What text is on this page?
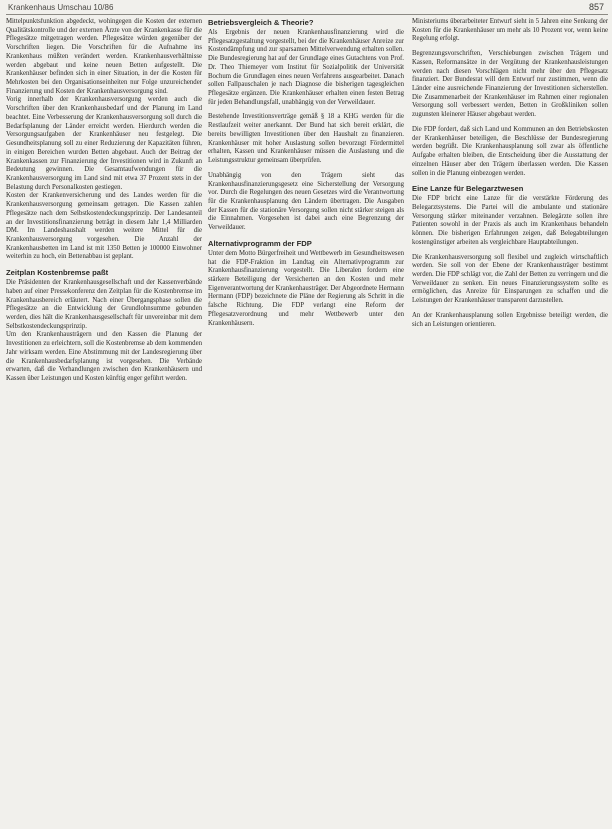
Krankenhaus Umschau 10/86	857

Mittelpunktsfunktion abgedeckt, wohingegen die Kosten der externen Qualitätskontrolle und der externen Ärzte von der Krankenkasse für die Pflegesätze mitgetragen werden. Pflegesätze würden gegenüber der Vorschriften liegen. Die Vorschriften für die Aufnahme ins Krankenhaus müßten verändert werden. Krankenhausverhältnisse werden abgebaut und keine neuen Betten aufgestellt. Die Krankenhäuser befinden sich in einer Situation, in der die Kosten für Mehrkosten bei den Organisationseinheiten nur Folge unzureichender Finanzierung und Kosten der Krankenhausversorgung sind.

Vorig innerhalb der Krankenhausversorgung werden auch die Vorschriften über den Krankenhausbedarf und der Planung im Land beachtet. Eine Verbesserung der Krankenhausversorgung soll durch die Bedarfsplanung der Länder erreicht werden. Hierdurch werden die Versorgungsaufgaben der Krankenhäuser neu festgelegt. Die Gesundheitsplanung soll zu einer Reduzierung der Kapazitäten führen, in einigen Bereichen wurden Betten abgebaut. Auch der Beitrag der Krankenkassen zur Finanzierung der Investitionen wird in Zukunft an Bedeutung gewinnen. Die Gesamtaufwendungen für die Krankenhausversorgung im Land sind mit etwa 37 Prozent stets in der Belastung durch Personalkosten gestiegen.

Kosten der Krankenversicherung und des Landes werden für die Krankenhausversorgung gemeinsam getragen. Die Kassen zahlen Pflegesätze nach dem Selbstkostendeckungsprinzip. Der Landesanteil an der Investitionsfinanzierung beträgt in diesem Jahr 1,4 Milliarden DM. Im Landeshaushalt werden weitere Mittel für die Krankenhausversorgung vorgesehen. Die Anzahl der Krankenhausbetten im Land ist mit 1350 Betten je 100000 Einwohner weiterhin zu hoch, ein Bettenabbau ist geplant.

Zeitplan Kostenbremse paßt

Die Präsidenten der Krankenhausgesellschaft und der Kassenverbände haben auf einer Pressekonferenz den Zeitplan für die Kostenbremse im Krankenhausbereich erläutert. Nach einer Übergangsphase sollen die Pflegesätze an die Entwicklung der Grundlohnsumme gebunden werden, dies hält die Krankenhausgesellschaft für unvereinbar mit dem Selbstkostendeckungsprinzip.

Um den Krankenhausträgern und den Kassen die Planung der Investitionen zu erleichtern, soll die Kostenbremse ab dem kommenden Jahr wirksam werden. Eine Abstimmung mit der Landesregierung über die Krankenhausbedarfsplanung ist vorgesehen. Die Verbände erwarten, daß die Verhandlungen zwischen den Krankenhäusern und Kassen über Leistungen und Kosten künftig enger geführt werden.

Betriebsvergleich & Theorie?

Als Ergebnis der neuen Krankenhausfinanzierung wird die Pflegesatzgestaltung vorgestellt, bei der die Krankenhäuser Anreize zur Kostendämpfung und zur sparsamen Mittelverwendung erhalten sollen. Die Bundesregierung hat auf der Grundlage eines Gutachtens von Prof. Dr. Theo Thiemeyer vom Institut für Sozialpolitik der Universität Bochum die Grundlagen eines neuen Verfahrens ausgearbeitet. Danach sollen Fallpauschalen je nach Diagnose die bisherigen tagesgleichen Pflegesätze ergänzen. Die Krankenhäuser erhalten einen festen Betrag für jeden Behandlungsfall, unabhängig von der Verweildauer.

Bestehende Investitionsverträge gemäß § 18 a KHG werden für die Restlaufzeit weiter anerkannt. Der Bund hat sich bereit erklärt, die bereits bewilligten Investitionen über den Haushalt zu finanzieren. Krankenhäuser mit hoher Auslastung sollen bevorzugt Fördermittel erhalten, Kassen und Krankenhäuser müssen die Auslastung und die Leistungsstruktur gemeinsam überprüfen.

Unabhängig von den Trägern sieht das Krankenhausfinanzierungsgesetz eine Sicherstellung der Versorgung vor. Durch die Regelungen des neuen Gesetzes wird die Verantwortung für die Krankenhausplanung den Ländern übertragen. Die Ausgaben der Kassen für die stationäre Versorgung sollen nicht stärker steigen als die Einnahmen. Vorgesehen ist dabei auch eine Begrenzung der Verweildauer.

Alternativprogramm der FDP

Unter dem Motto Bürgerfreiheit und Wettbewerb im Gesundheitswesen hat die FDP-Fraktion im Landtag ein Alternativprogramm zur Krankenhausfinanzierung vorgestellt. Die Liberalen fordern eine stärkere Beteiligung der Versicherten an den Kosten und mehr Eigenverantwortung der Krankenhausträger. Der Abgeordnete Hermann Hermann (FDP) bezeichnete die Pläne der Regierung als Schritt in die falsche Richtung. Die FDP verlangt eine Reform der Pflegesatzverordnung und mehr Wettbewerb unter den Krankenhäusern.

Ministeriums überarbeiteter Entwurf sieht in 5 Jahren eine Senkung der Kosten für die Krankenhäuser um mehr als 10 Prozent vor, wenn keine Regelung erfolgt.

Begrenzungsvorschriften, Verschiebungen zwischen Trägern und Kassen, Reformansätze in der Vergütung der Krankenhausleistungen werden nach diesen Vorschlägen nicht mehr über den Pflegesatz finanziert. Der Bundesrat will dem Entwurf nur zustimmen, wenn die Länder eine ausreichende Finanzierung der Investitionen sicherstellen. Die Zusammenarbeit der Krankenhäuser im Rahmen einer regionalen Versorgung soll verbessert werden, Betten in Großkliniken sollen zugunsten kleinerer Häuser abgebaut werden.

Die FDP fordert, daß sich Land und Kommunen an den Betriebskosten der Krankenhäuser beteiligen, die Beschlüsse der Bundesregierung werden begrüßt. Die Krankenhausplanung soll zwar als öffentliche Aufgabe erhalten bleiben, die Entscheidung über die Ausstattung der einzelnen Häuser aber den Trägern überlassen werden. Die Kassen sollen in die Planung einbezogen werden.

Eine Lanze für Belegarztwesen

Die FDP bricht eine Lanze für die verstärkte Förderung des Belegarztsystems. Die Partei will die ambulante und stationäre Versorgung stärker miteinander verzahnen. Belegärzte sollen ihre Patienten sowohl in der Praxis als auch im Krankenhaus behandeln können. Die bisherigen Erfahrungen zeigen, daß Belegabteilungen kostengünstiger arbeiten als vergleichbare Hauptabteilungen.

Die Krankenhausversorgung soll flexibel und zugleich wirtschaftlich werden. Sie soll von der Ebene der Krankenhausträger bestimmt werden. Die FDP schlägt vor, die Zahl der Betten zu verringern und die Verweildauer zu senken. Ein neues Finanzierungssystem sollte es ermöglichen, das Anreize für Einsparungen zu schaffen und die Leistungen der Krankenhäuser transparent darzustellen.

An der Krankenhausplanung sollen Ergebnisse beteiligt werden, die sich an Leistungen orientieren.
